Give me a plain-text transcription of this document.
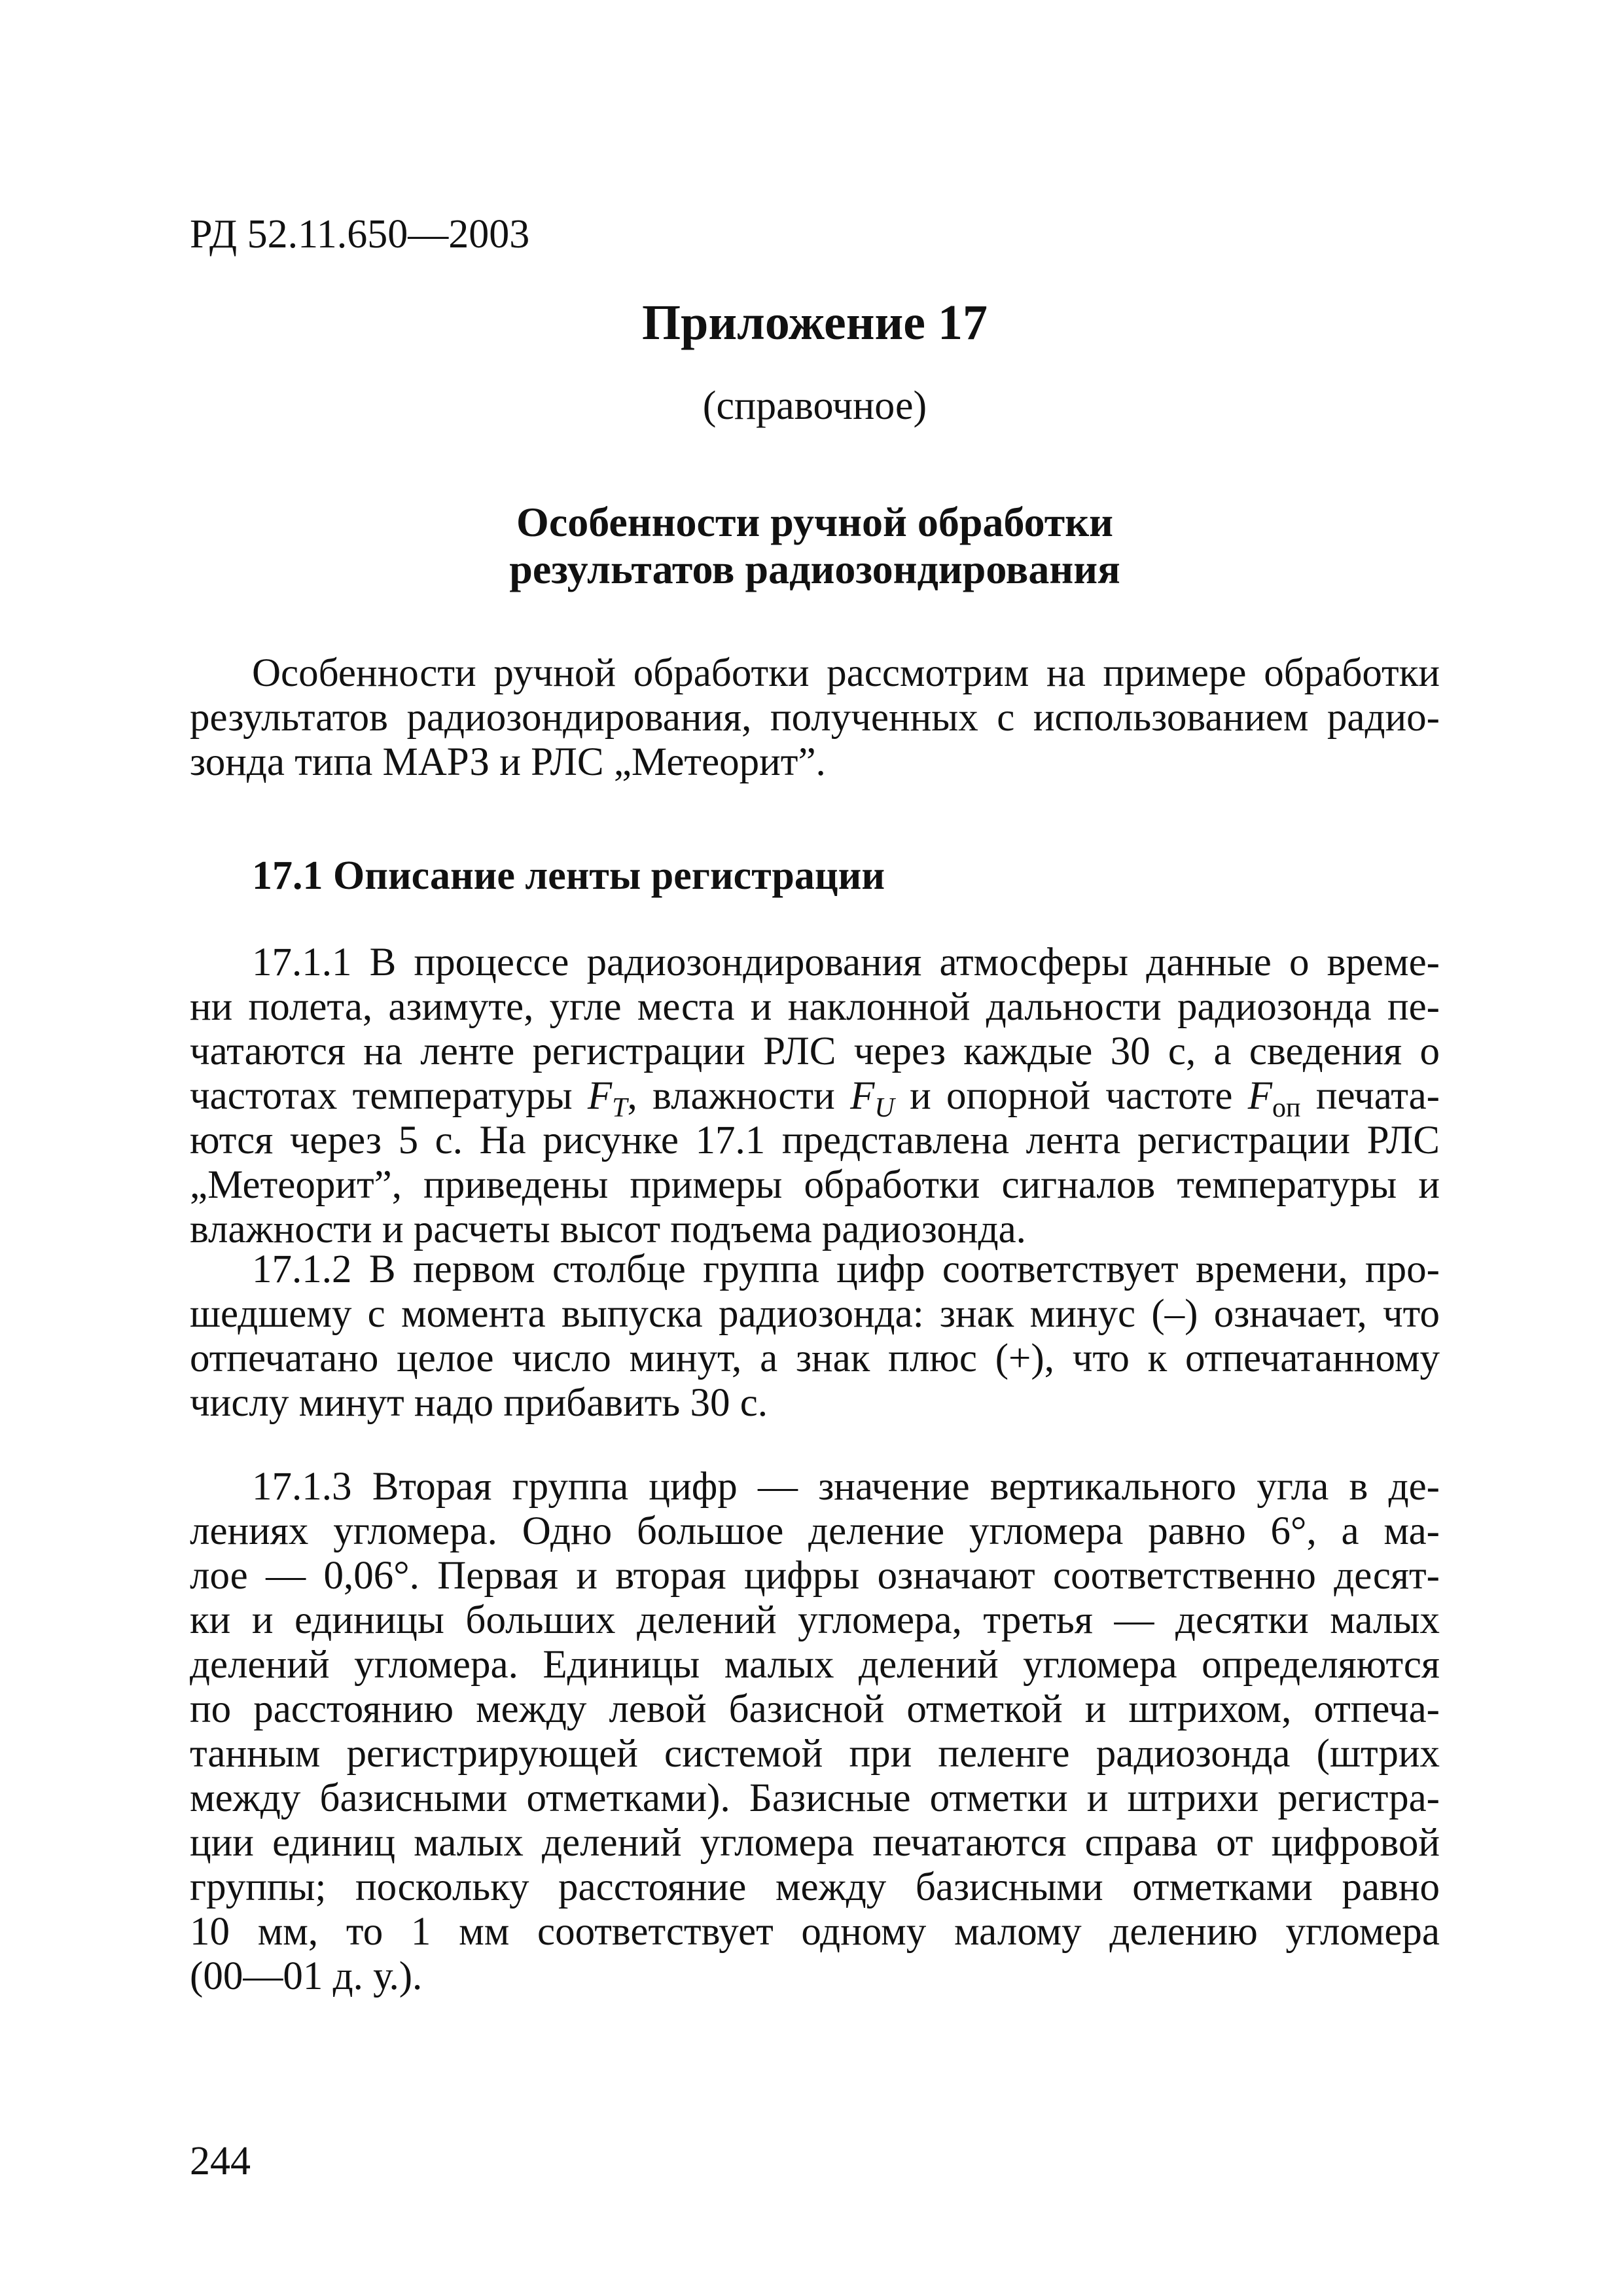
РД 52.11.650—2003

Приложение 17

(справочное)

Особенности ручной обработки
результатов радиозондирования
Особенности ручной обработки рассмотрим на примере обработки
результатов радиозондирования, полученных с использованием радио-
зонда типа МАРЗ и РЛС „Метеорит”.
17.1 Описание ленты регистрации
17.1.1 В процессе радиозондирования атмосферы данные о време-
ни полета, азимуте, угле места и наклонной дальности радиозонда пе-
чатаются на ленте регистрации РЛС через каждые 30 с, а сведения о
частотах температуры $F_T$, влажности $F_U$ и опорной частоте $F_{оп}$ печата-
ются через 5 с. На рисунке 17.1 представлена лента регистрации РЛС
„Метеорит”, приведены примеры обработки сигналов температуры и
влажности и расчеты высот подъема радиозонда.
17.1.2 В первом столбце группа цифр соответствует времени, про-
шедшему с момента выпуска радиозонда: знак минус (–) означает, что
отпечатано целое число минут, а знак плюс (+), что к отпечатанному
числу минут надо прибавить 30 с.
17.1.3 Вторая группа цифр — значение вертикального угла в де-
лениях угломера. Одно большое деление угломера равно 6°, а ма-
лое — 0,06°. Первая и вторая цифры означают соответственно десят-
ки и единицы больших делений угломера, третья — десятки малых
делений угломера. Единицы малых делений угломера определяются
по расстоянию между левой базисной отметкой и штрихом, отпеча-
танным регистрирующей системой при пеленге радиозонда (штрих
между базисными отметками). Базисные отметки и штрихи регистра-
ции единиц малых делений угломера печатаются справа от цифровой
группы; поскольку расстояние между базисными отметками равно
10 мм, то 1 мм соответствует одному малому делению угломера
(00—01 д. у.).

244
